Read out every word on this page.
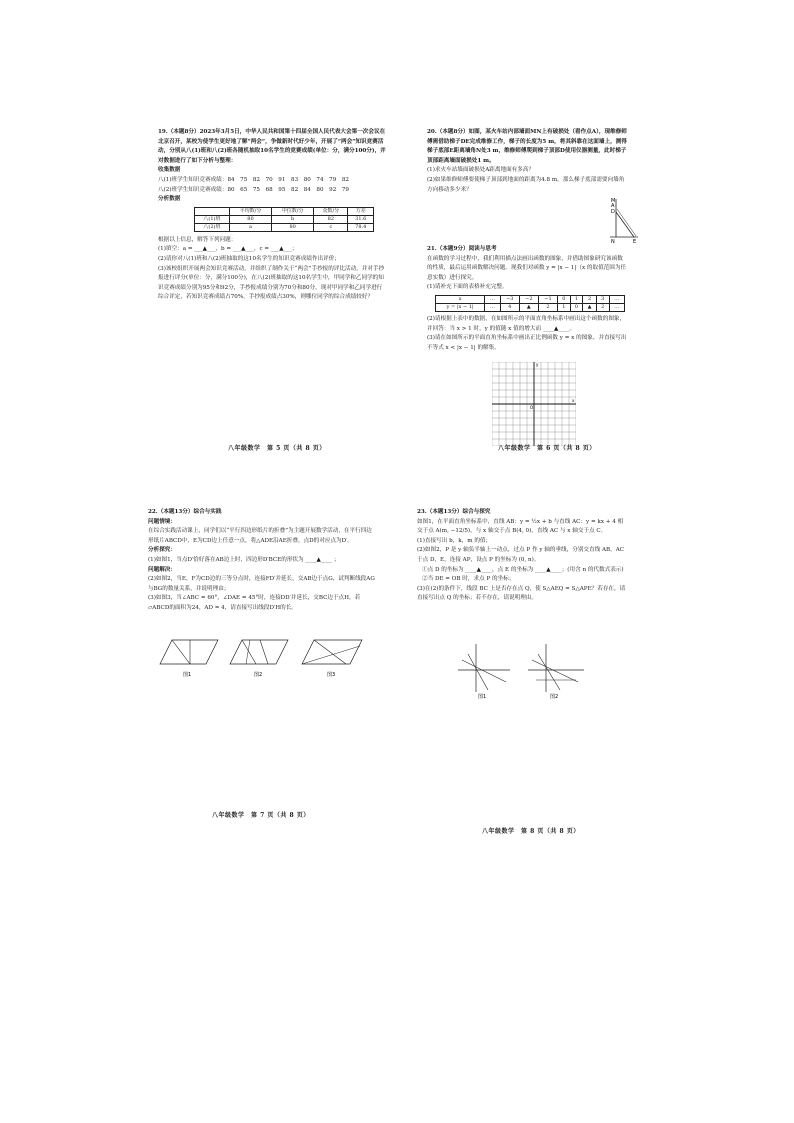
19.（本题8分）2023年3月5日，中华人民共和国第十四届全国人民代表大会第一次会议在北京召开，某校为使学生更好地了解“两会”，争做新时代好少年，开展了“两会”知识竞赛活动，分别从八(1)班和八(2)班各随机抽取10名学生的竞赛成绩(单位：分，满分100分)，并对数据进行了如下分析与整理：

收集数据

八(1)班学生知识竞赛成绩：84　75　82　70　91　83　80　74　79　82

八(2)班学生知识竞赛成绩：80　65　75　68　95　82　84　80　92　79

分析数据

	平均数/分	中位数/分	众数/分	方差
八(1)班	80	b	82	31.6
八(2)班	a	80	c	78.4

根据以上信息，解答下列问题：

(1)填空：a = ___▲___，b = ___▲___，c = ___▲___；

(2)请你对八(1)班和八(2)班抽取的这10名学生的知识竞赛成绩作出评价；

(3)该校组织开展两会知识竞赛活动，并组织了制作关于“两会”手抄报的评比活动，并对手抄报进行评分(单位：分，满分100分)，在八(2)班抽取的这10名学生中，甲同学和乙同学的知识竞赛成绩分别为95分和92分，手抄报成绩分别为70分和80分，现对甲同学和乙同学进行综合评定，若知识竞赛成绩占70%，手抄报成绩占30%，则哪位同学的综合成绩较好？

八年级数学　第 5 页（共 8 页）

20.（本题8分）如图，某火车站内部墙面MN上有破损处（看作点A），现维修师傅需借助梯子DE完成维修工作，梯子的长度为5 m，将其斜靠在这面墙上，测得梯子底部E距离墙角N处3 m，维修师傅爬到梯子顶部D使用仪器测量，此时梯子顶部距离墙面破损处1 m。

(1)求火车站墙面破损处A距离地面有多高？

(2)如果维修师傅要使梯子顶部到地面的距离为4.8 m，那么梯子底部需要向墙角方向移动多少米？

M
A
D
N	E

21.（本题9分）阅读与思考

在函数的学习过程中，我们利用描点法画出函数的图象，并借助图象研究该函数的性质，最后运用函数解决问题。现我们对函数 y = |x − 1|（x 的取值范围为任意实数）进行探究。

(1)请补充下面的表格补充完整。

x	…	−3	−2	−1	0	1	2	3	…
y = |x − 1|	…	4	▲	2	1	0	▲	2	…

(2)请根据上表中的数据，在如图所示的平面直角坐标系中画出这个函数的图象，并回答：当 x > 1 时，y 的值随 x 值的增大而 ____▲____。

(3)请在如图所示的平面直角坐标系中画出正比例函数 y = x 的图象，并直接写出不等式 x < |x − 1| 的解集。

x
y
O
八年级数学　第 6 页（共 8 页）

22.（本题13分）综合与实践

问题情境：

在综合实践活动课上，同学们以“平行四边形纸片的折叠”为主题开展数学活动，在平行四边形纸片ABCD中，E为CD边上任意一点，将△ADE沿AE折叠，点D的对应点为D′。

分析探究：

(1)如图1，当点D′恰好落在AB边上时，四边形D′BCE的形状为 ____▲____ ；

问题解决：

(2)如图2，当E，F为CD边的三等分点时，连接FD′并延长，交AB边于点G，试判断线段AG与BG的数量关系，并说明理由；

(3)如图3，当∠ABC = 60°，∠DAE = 45°时，连接DD′并延长，交BC边于点H，若▱ABCD的面积为24，AD = 4，请直接写出线段D′H的长。

图1	图2	图3
八年级数学　第 7 页（共 8 页）

23.（本题13分）综合与探究

如图1，在平面直角坐标系中，直线 AB：y = ½x + b 与直线 AC：y = kx + 4 相交于点 A(m, −12/5)，与 x 轴交于点 B(4, 0)，直线 AC 与 x 轴交于点 C。

(1)直接写出 b，k，m 的值；

(2)如图2，P 是 y 轴负半轴上一动点，过点 P 作 y 轴的垂线，分别交直线 AB，AC 于点 D，E，连接 AP，设点 P 的坐标为 (0, n)。

①点 D 的坐标为 ____▲____，点 E 的坐标为 ____▲____；(用含 n 的代数式表示)

②当 DE = OB 时，求点 P 的坐标；

(3)在(2)的条件下，线段 BC 上是否存在点 Q，使 S△AEQ = S△APE？若存在，请直接写出点 Q 的坐标；若不存在，请说明理由。

图1	图2
八年级数学　第 8 页（共 8 页）
